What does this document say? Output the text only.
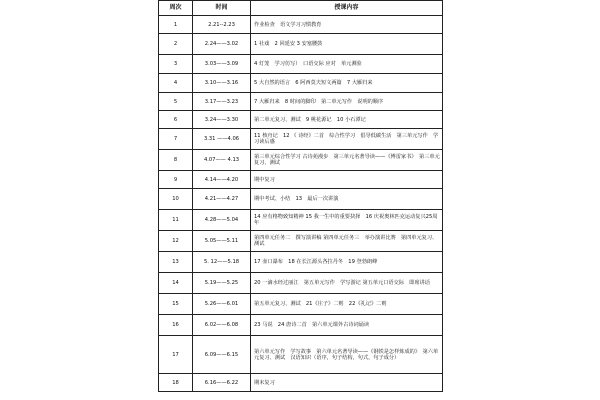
周次	时间	授课内容
1	2.21--2.23	作业检查　语文学习习惯教育
2	2.24——3.02	1 社戏　2 回延安 3 安塞腰鼓
3	3.03——3.09	4 灯笼　学习仿写）　口语交际 应对　单元测验
4	3.10——3.16	5 大自然的语言　6 阿西莫夫短文两篇　7 大雁归来
5	3.17——3.23	7 大雁归来　8 时间的脚印　第二单元写作　说明的顺序
6	3.24——3.30	第二单元复习、测试　9 桃花源记　10 小石潭记
7	3.31 ——4.06	11 核舟记　12 《 诗经》二首　综合性学习　倡导低碳生活　第三单元写作　学习读后感
8	4.07—— 4.13	第三单元综合性学习 古诗苑漫步　第三单元名著导读——《傅雷家书》　第三单元复习、测试
9	4.14——4.20	期中复习
10	4.21——4.27	期中考试、小结　13　最后一次讲演
11	4.28——5.04	14 应有格物致知精神 15 我一生中的重要抉择　16 庆祝奥林匹克运动复兴25周年
12	5.05——5.11	第四单元任务二　撰写演讲稿 第四单元任务三　举办演讲比赛　第四单元复习、测试
13	5. 12——5.18	17 壶口瀑布　18 在长江源头各拉丹冬　19 登勃朗峰
14	5.19——5.25	20 一滴水经过丽江　第五单元写作　学写游记 第五单元口语交际　即席讲话
15	5.26——6.01	第五单元复习、测试　21《庄子》二则　22《礼记》二则
16	6.02——6.08	23 马说　24 唐诗二首　第六单元课外古诗词诵读
17	6.09——6.15	第六单元写作　学写故事　第六单元名著导读——《钢铁是怎样炼成的》　第六单元复习、测试　汉语知识（语序，句子结构，句式，句子成分）
18	6.16——6.22	期末复习
